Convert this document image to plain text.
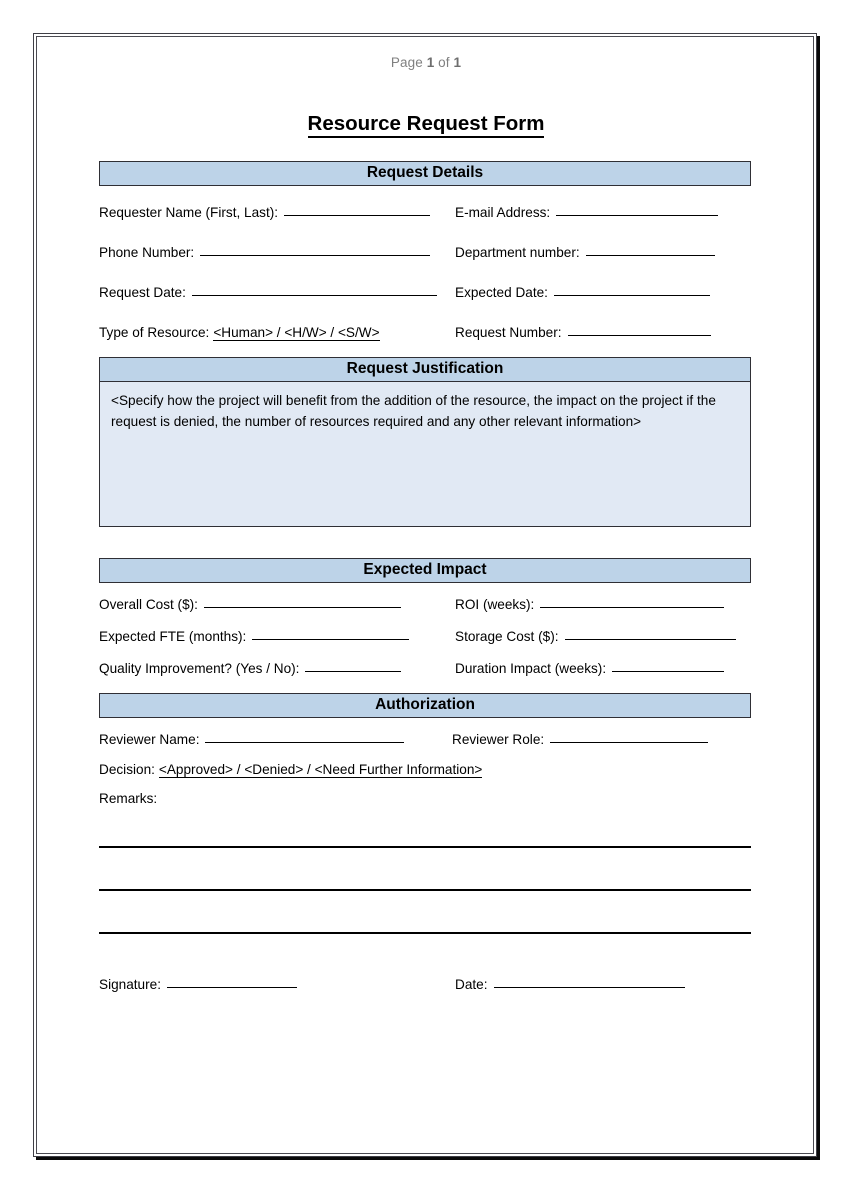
Page 1 of 1
Resource Request Form
Request Details
Requester Name (First, Last):	E-mail Address:
Phone Number:	Department number:
Request Date:	Expected Date:
Type of Resource: <Human> / <H/W> / <S/W>	Request Number:
Request Justification
<Specify how the project will benefit from the addition of the resource, the impact on the project if the request is denied, the number of resources required and any other relevant information>
Expected Impact
Overall Cost ($):	ROI (weeks):
Expected FTE (months):	Storage Cost ($):
Quality Improvement? (Yes / No):	Duration Impact (weeks):
Authorization
Reviewer Name:	Reviewer Role:
Decision: <Approved> / <Denied> / <Need Further Information>
Remarks:
Signature:	Date:
